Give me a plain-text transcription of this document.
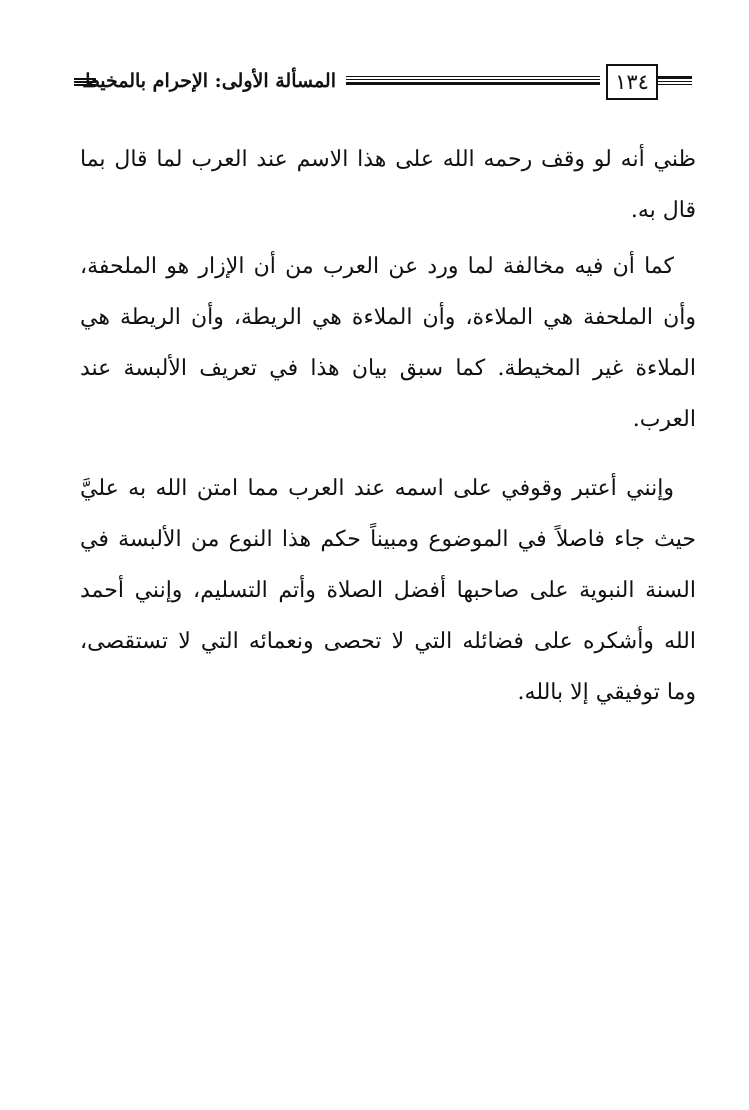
١٣٤
المسألة الأولى: الإحرام بالمخيط

ظني أنه لو وقف رحمه الله على هذا الاسم عند العرب لما قال بما قال به.

كما أن فيه مخالفة لما ورد عن العرب من أن الإزار هو الملحفة، وأن الملحفة هي الملاءة، وأن الملاءة هي الريطة، وأن الريطة هي الملاءة غير المخيطة. كما سبق بيان هذا في تعريف الألبسة عند العرب.

وإنني أعتبر وقوفي على اسمه عند العرب مما امتن الله به عليَّ حيث جاء فاصلاً في الموضوع ومبيناً حكم هذا النوع من الألبسة في السنة النبوية على صاحبها أفضل الصلاة وأتم التسليم، وإنني أحمد الله وأشكره على فضائله التي لا تحصى ونعمائه التي لا تستقصى، وما توفيقي إلا بالله.
